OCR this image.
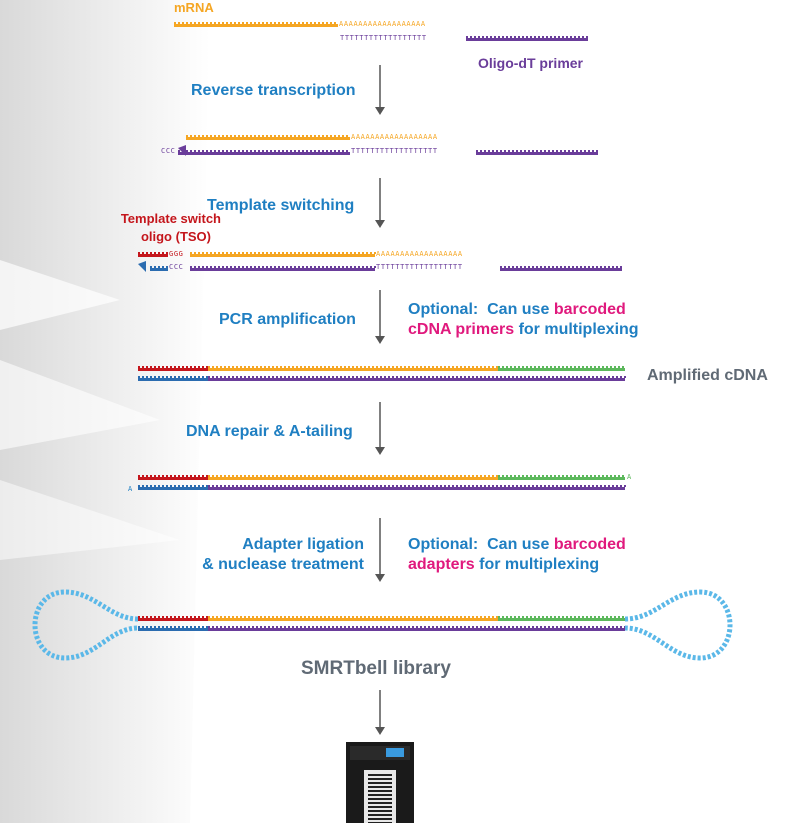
mRNA
Oligo-dT primer
Reverse transcription
Template switching
Template switch
oligo (TSO)
PCR amplification
Optional: Can use barcoded
cDNA primers for multiplexing
Amplified cDNA
DNA repair & A-tailing
Adapter ligation
& nuclease treatment
Optional: Can use barcoded
adapters for multiplexing
SMRTbell library
AAAAAAAAAAAAAAAAAA
TTTTTTTTTTTTTTTTTT
AAAAAAAAAAAAAAAAAA
TTTTTTTTTTTTTTTTTT
CCC
AAAAAAAAAAAAAAAAAA
TTTTTTTTTTTTTTTTTT
GGG
CCC
A
A
